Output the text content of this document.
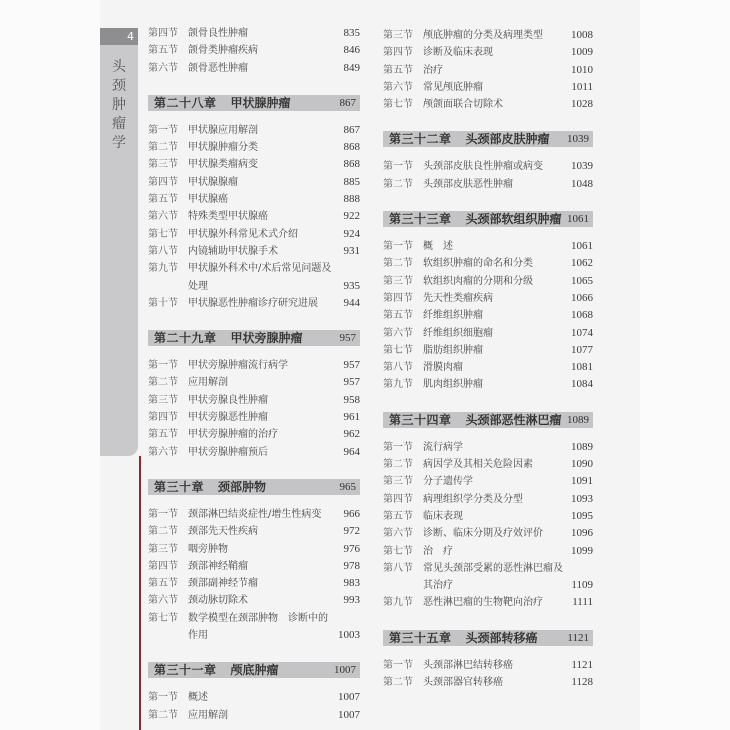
4
头颈肿瘤学
第四节	颌骨良性肿瘤	835
第五节	颌骨类肿瘤疾病	846
第六节	颌骨恶性肿瘤	849
第二十八章 甲状腺肿瘤	867
第一节	甲状腺应用解剖	867
第二节	甲状腺肿瘤分类	868
第三节	甲状腺类瘤病变	868
第四节	甲状腺腺瘤	885
第五节	甲状腺癌	888
第六节	特殊类型甲状腺癌	922
第七节	甲状腺外科常见术式介绍	924
第八节	内镜辅助甲状腺手术	931
第九节	甲状腺外科术中/术后常见问题及处理	935
第十节	甲状腺恶性肿瘤诊疗研究进展	944
第二十九章 甲状旁腺肿瘤	957
第一节	甲状旁腺肿瘤流行病学	957
第二节	应用解剖	957
第三节	甲状旁腺良性肿瘤	958
第四节	甲状旁腺恶性肿瘤	961
第五节	甲状旁腺肿瘤的治疗	962
第六节	甲状旁腺肿瘤预后	964
第三十章 颈部肿物	965
第一节	颈部淋巴结炎症性/增生性病变	966
第二节	颈部先天性疾病	972
第三节	咽旁肿物	976
第四节	颈部神经鞘瘤	978
第五节	颈部副神经节瘤	983
第六节	颈动脉切除术	993
第七节	数学模型在颈部肿物　诊断中的作用	1003
第三十一章 颅底肿瘤	1007
第一节	概述	1007
第二节	应用解剖	1007
第三节	颅底肿瘤的分类及病理类型	1008
第四节	诊断及临床表现	1009
第五节	治疗	1010
第六节	常见颅底肿瘤	1011
第七节	颅颌面联合切除术	1028
第三十二章 头颈部皮肤肿瘤	1039
第一节	头颈部皮肤良性肿瘤或病变	1039
第二节	头颈部皮肤恶性肿瘤	1048
第三十三章 头颈部软组织肿瘤 1061
第一节	概　述	1061
第二节	软组织肿瘤的命名和分类	1062
第三节	软组织肉瘤的分期和分级	1065
第四节	先天性类瘤疾病	1066
第五节	纤维组织肿瘤	1068
第六节	纤维组织细胞瘤	1074
第七节	脂肪组织肿瘤	1077
第八节	滑膜肉瘤	1081
第九节	肌肉组织肿瘤	1084
第三十四章 头颈部恶性淋巴瘤 1089
第一节	流行病学	1089
第二节	病因学及其相关危险因素	1090
第三节	分子遗传学	1091
第四节	病理组织学分类及分型	1093
第五节	临床表现	1095
第六节	诊断、临床分期及疗效评价	1096
第七节	治　疗	1099
第八节	常见头颈部受累的恶性淋巴瘤及其治疗	1109
第九节	恶性淋巴瘤的生物靶向治疗	1111
第三十五章 头颈部转移癌	1121
第一节	头颈部淋巴结转移癌	1121
第二节	头颈部器官转移癌	1128
